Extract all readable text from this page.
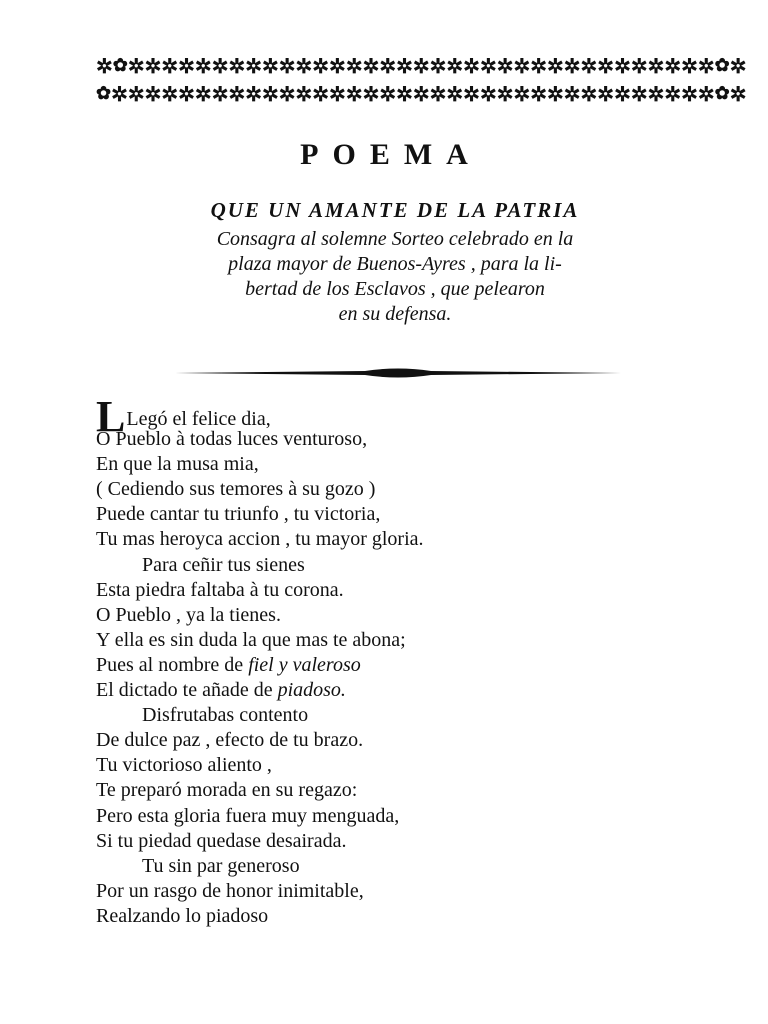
✲ ✿ ✲ ✲ ✲ ✲ ✲ ✲ ✲ ✲ ✲ ✲ ✲ ✲ ✲ ✲ ✲ ✲ ✲ ✲ ✲ ✲ ✲ ✲ ✲ ✲ ✲ ✲ ✲ ✲ ✲ ✲ ✲ ✲ ✲ ✲ ✲ ✿ ✲
✿ ✲ ✲ ✲ ✲ ✲ ✲ ✲ ✲ ✲ ✲ ✲ ✲ ✲ ✲ ✲ ✲ ✲ ✲ ✲ ✲ ✲ ✲ ✲ ✲ ✲ ✲ ✲ ✲ ✲ ✲ ✲ ✲ ✲ ✲ ✲ ✲ ✿ ✲
POEMA
QUE UN AMANTE DE LA PATRIA
Consagra al solemne Sorteo celebrado en la
plaza mayor de Buenos-Ayres , para la li-
bertad de los Esclavos , que pelearon
en su defensa.
LLegó el felice dia,
O Pueblo à todas luces venturoso,
En que la musa mia,
( Cediendo sus temores à su gozo )
Puede cantar tu triunfo , tu victoria,
Tu mas heroyca accion , tu mayor gloria.
Para ceñir tus sienes
Esta piedra faltaba à tu corona.
O Pueblo , ya la tienes.
Y ella es sin duda la que mas te abona;
Pues al nombre de fiel y valeroso
El dictado te añade de piadoso.
Disfrutabas contento
De dulce paz , efecto de tu brazo.
Tu victorioso aliento ,
Te preparó morada en su regazo:
Pero esta gloria fuera muy menguada,
Si tu piedad quedase desairada.
Tu sin par generoso
Por un rasgo de honor inimitable,
Realzando lo piadoso
